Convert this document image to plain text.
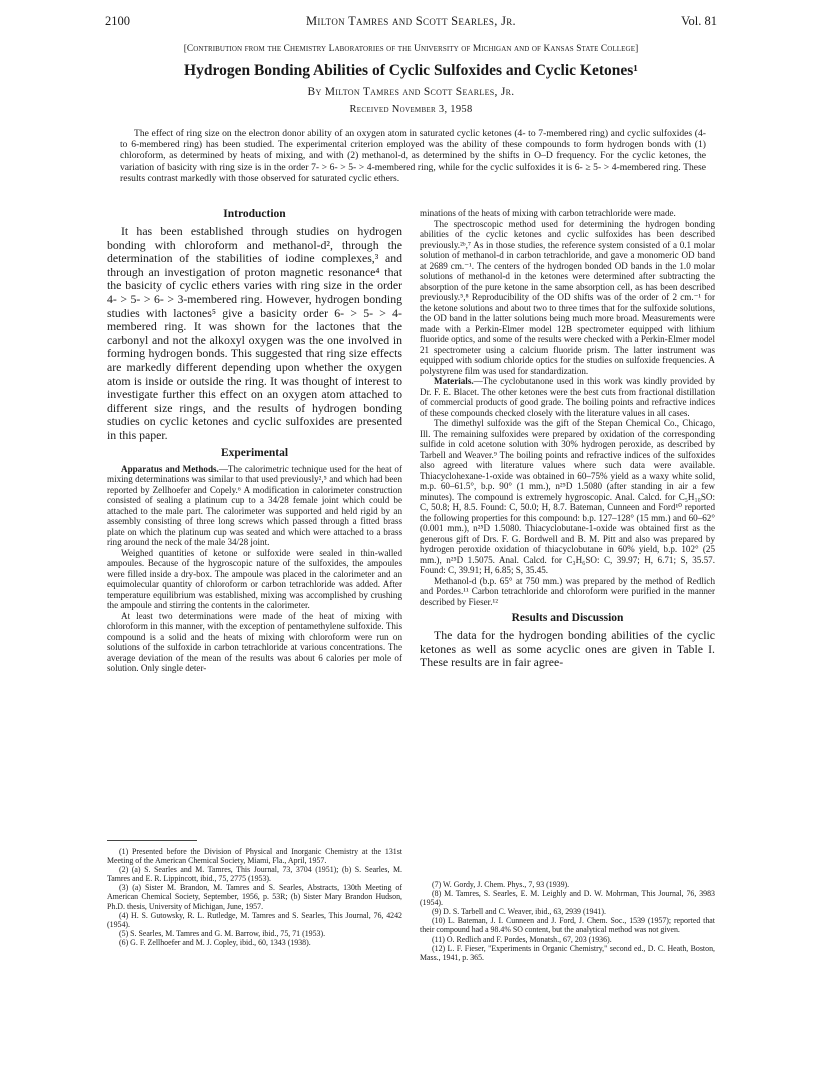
2100	Milton Tamres and Scott Searles, Jr.	Vol. 81
[Contribution from the Chemistry Laboratories of the University of Michigan and of Kansas State College]
Hydrogen Bonding Abilities of Cyclic Sulfoxides and Cyclic Ketones¹
By Milton Tamres and Scott Searles, Jr.
Received November 3, 1958

The effect of ring size on the electron donor ability of an oxygen atom in saturated cyclic ketones (4- to 7-membered ring) and cyclic sulfoxides (4- to 6-membered ring) has been studied. The experimental criterion employed was the ability of these compounds to form hydrogen bonds with (1) chloroform, as determined by heats of mixing, and with (2) methanol-d, as determined by the shifts in O–D frequency. For the cyclic ketones, the variation of basicity with ring size is in the order 7- > 6- > 5- > 4-membered ring, while for the cyclic sulfoxides it is 6- ≥ 5- > 4-membered ring. These results contrast markedly with those observed for saturated cyclic ethers.

Introduction

It has been established through studies on hydrogen bonding with chloroform and methanol-d², through the determination of the stabilities of iodine complexes,³ and through an investigation of proton magnetic resonance⁴ that the basicity of cyclic ethers varies with ring size in the order 4- > 5- > 6- > 3-membered ring. However, hydrogen bonding studies with lactones⁵ give a basicity order 6- > 5- > 4-membered ring. It was shown for the lactones that the carbonyl and not the alkoxyl oxygen was the one involved in forming hydrogen bonds. This suggested that ring size effects are markedly different depending upon whether the oxygen atom is inside or outside the ring. It was thought of interest to investigate further this effect on an oxygen atom attached to different size rings, and the results of hydrogen bonding studies on cyclic ketones and cyclic sulfoxides are presented in this paper.

Experimental

Apparatus and Methods.—The calorimetric technique used for the heat of mixing determinations was similar to that used previously²,⁵ and which had been reported by Zellhoefer and Copely.⁶ A modification in calorimeter construction consisted of sealing a platinum cup to a 34/28 female joint which could be attached to the male part. The calorimeter was supported and held rigid by an assembly consisting of three long screws which passed through a fitted brass plate on which the platinum cup was seated and which were attached to a brass ring around the neck of the male 34/28 joint.

Weighed quantities of ketone or sulfoxide were sealed in thin-walled ampoules. Because of the hygroscopic nature of the sulfoxides, the ampoules were filled inside a dry-box. The ampoule was placed in the calorimeter and an equimolecular quantity of chloroform or carbon tetrachloride was added. After temperature equilibrium was established, mixing was accomplished by crushing the ampoule and stirring the contents in the calorimeter.

At least two determinations were made of the heat of mixing with chloroform in this manner, with the exception of pentamethylene sulfoxide. This compound is a solid and the heats of mixing with chloroform were run on solutions of the sulfoxide in carbon tetrachloride at various concentrations. The average deviation of the mean of the results was about 6 calories per mole of solution. Only single deter-

minations of the heats of mixing with carbon tetrachloride were made.

The spectroscopic method used for determining the hydrogen bonding abilities of the cyclic ketones and cyclic sulfoxides has been described previously.²ᵇ,⁷ As in those studies, the reference system consisted of a 0.1 molar solution of methanol-d in carbon tetrachloride, and gave a monomeric OD band at 2689 cm.⁻¹. The centers of the hydrogen bonded OD bands in the 1.0 molar solutions of methanol-d in the ketones were determined after subtracting the absorption of the pure ketone in the same absorption cell, as has been described previously.⁵,⁸ Reproducibility of the OD shifts was of the order of 2 cm.⁻¹ for the ketone solutions and about two to three times that for the sulfoxide solutions, the OD band in the latter solutions being much more broad. Measurements were made with a Perkin-Elmer model 12B spectrometer equipped with lithium fluoride optics, and some of the results were checked with a Perkin-Elmer model 21 spectrometer using a calcium fluoride prism. The latter instrument was equipped with sodium chloride optics for the studies on sulfoxide frequencies. A polystyrene film was used for standardization.

Materials.—The cyclobutanone used in this work was kindly provided by Dr. F. E. Blacet. The other ketones were the best cuts from fractional distillation of commercial products of good grade. The boiling points and refractive indices of these compounds checked closely with the literature values in all cases.

The dimethyl sulfoxide was the gift of the Stepan Chemical Co., Chicago, Ill. The remaining sulfoxides were prepared by oxidation of the corresponding sulfide in cold acetone solution with 30% hydrogen peroxide, as described by Tarbell and Weaver.⁹ The boiling points and refractive indices of the sulfoxides also agreed with literature values where such data were available. Thiacyclohexane-1-oxide was obtained in 60–75% yield as a waxy white solid, m.p. 60–61.5°, b.p. 90° (1 mm.), n²⁵D 1.5080 (after standing in air a few minutes). The compound is extremely hygroscopic. Anal. Calcd. for C₅H₁₀SO: C, 50.8; H, 8.5. Found: C, 50.0; H, 8.7. Bateman, Cunneen and Ford¹⁰ reported the following properties for this compound: b.p. 127–128° (15 mm.) and 60–62° (0.001 mm.), n²⁵D 1.5080. Thiacyclobutane-1-oxide was obtained first as the generous gift of Drs. F. G. Bordwell and B. M. Pitt and also was prepared by hydrogen peroxide oxidation of thiacyclobutane in 60% yield, b.p. 102° (25 mm.), n²⁵D 1.5075. Anal. Calcd. for C₃H₆SO: C, 39.97; H, 6.71; S, 35.57. Found: C, 39.91; H, 6.85; S, 35.45.

Methanol-d (b.p. 65° at 750 mm.) was prepared by the method of Redlich and Pordes.¹¹ Carbon tetrachloride and chloroform were purified in the manner described by Fieser.¹²

Results and Discussion

The data for the hydrogen bonding abilities of the cyclic ketones as well as some acyclic ones are given in Table I. These results are in fair agree-

(1) Presented before the Division of Physical and Inorganic Chemistry at the 131st Meeting of the American Chemical Society, Miami, Fla., April, 1957.

(2) (a) S. Searles and M. Tamres, This Journal, 73, 3704 (1951); (b) S. Searles, M. Tamres and E. R. Lippincott, ibid., 75, 2775 (1953).

(3) (a) Sister M. Brandon, M. Tamres and S. Searles, Abstracts, 130th Meeting of American Chemical Society, September, 1956, p. 53R; (b) Sister Mary Brandon Hudson, Ph.D. thesis, University of Michigan, June, 1957.

(4) H. S. Gutowsky, R. L. Rutledge, M. Tamres and S. Searles, This Journal, 76, 4242 (1954).

(5) S. Searles, M. Tamres and G. M. Barrow, ibid., 75, 71 (1953).

(6) G. F. Zellhoefer and M. J. Copley, ibid., 60, 1343 (1938).

(7) W. Gordy, J. Chem. Phys., 7, 93 (1939).

(8) M. Tamres, S. Searles, E. M. Leighly and D. W. Mohrman, This Journal, 76, 3983 (1954).

(9) D. S. Tarbell and C. Weaver, ibid., 63, 2939 (1941).

(10) L. Bateman, J. I. Cunneen and J. Ford, J. Chem. Soc., 1539 (1957); reported that their compound had a 98.4% SO content, but the analytical method was not given.

(11) O. Redlich and F. Pordes, Monatsh., 67, 203 (1936).

(12) L. F. Fieser, "Experiments in Organic Chemistry," second ed., D. C. Heath, Boston, Mass., 1941, p. 365.
